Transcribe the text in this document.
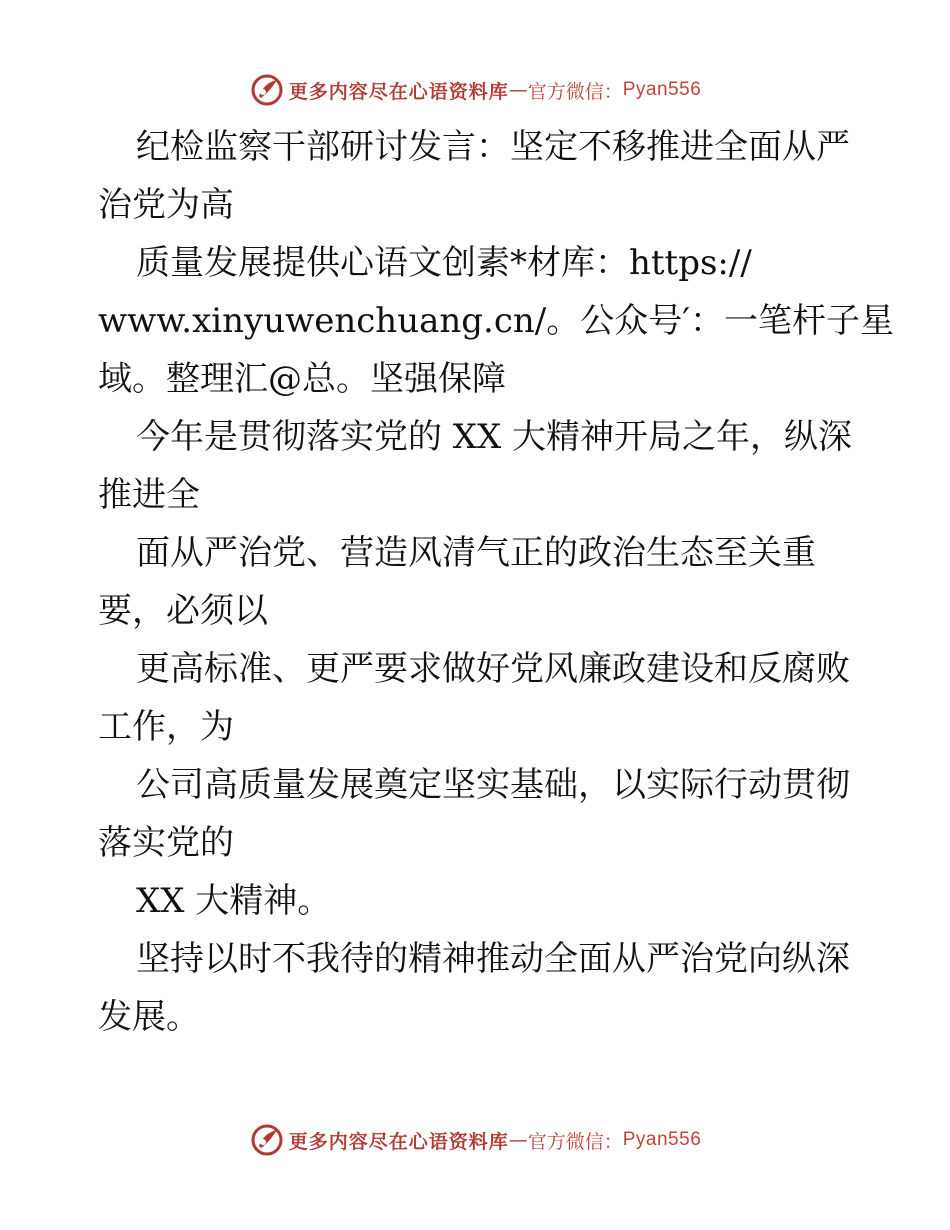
更多内容尽在心语资料库 — 官方微信： Pyan556
纪检监察干部研讨发言：坚定不移推进全面从严
治党为高
质量发展提供心语文创素*材库：https://
www.xinyuwenchuang.cn/。公众号′：一笔杆子星
域。整理汇@总。坚强保障
今年是贯彻落实党的 XX 大精神开局之年，纵深
推进全
面从严治党、营造风清气正的政治生态至关重
要，必须以
更高标准、更严要求做好党风廉政建设和反腐败
工作，为
公司高质量发展奠定坚实基础，以实际行动贯彻
落实党的
XX 大精神。
坚持以时不我待的精神推动全面从严治党向纵深
发展。
更多内容尽在心语资料库 — 官方微信： Pyan556
